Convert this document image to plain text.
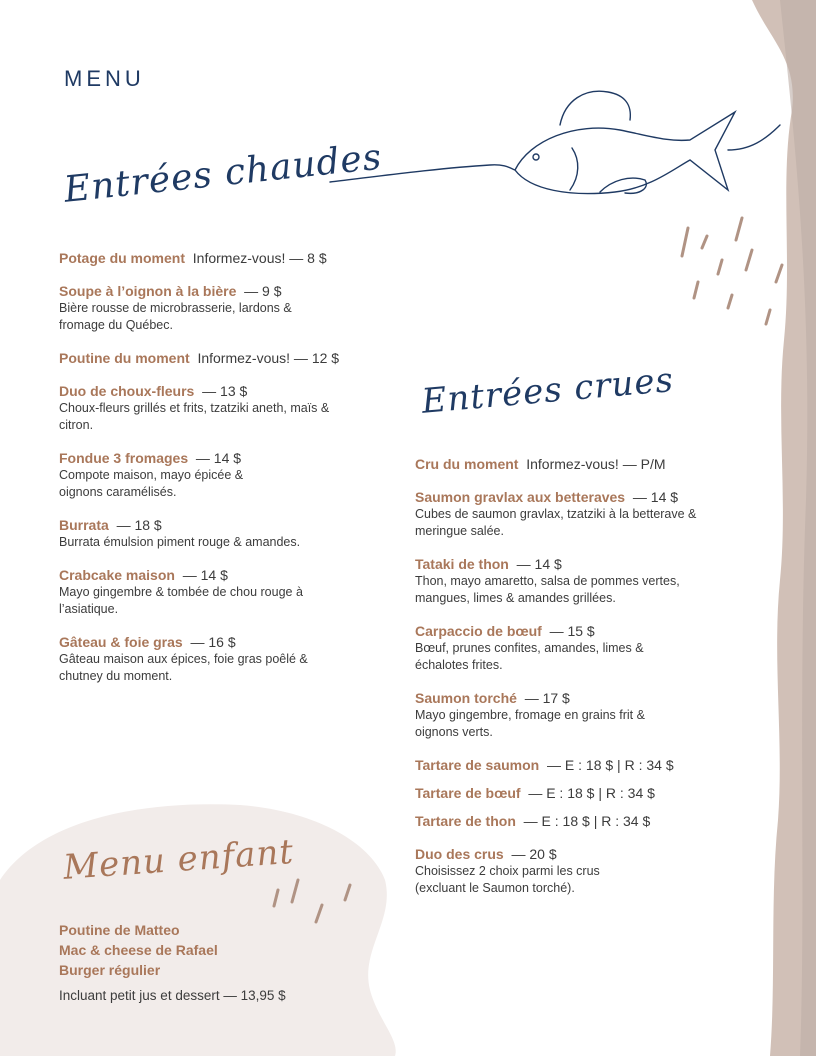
MENU
Entrées chaudes
Entrées crues
Menu enfant
Potage du moment Informez-vous! — 8 $
Soupe à l’oignon à la bière — 9 $
Bière rousse de microbrasserie, lardons & fromage du Québec.
Poutine du moment Informez-vous! — 12 $
Duo de choux-fleurs — 13 $
Choux-fleurs grillés et frits, tzatziki aneth, maïs & citron.
Fondue 3 fromages — 14 $
Compote maison, mayo épicée & oignons caramélisés.
Burrata — 18 $
Burrata émulsion piment rouge & amandes.
Crabcake maison — 14 $
Mayo gingembre & tombée de chou rouge à l’asiatique.
Gâteau & foie gras — 16 $
Gâteau maison aux épices, foie gras poêlé & chutney du moment.
Cru du moment Informez-vous! — P/M
Saumon gravlax aux betteraves — 14 $
Cubes de saumon gravlax, tzatziki à la betterave & meringue salée.
Tataki de thon — 14 $
Thon, mayo amaretto, salsa de pommes vertes, mangues, limes & amandes grillées.
Carpaccio de bœuf — 15 $
Bœuf, prunes confites, amandes, limes & échalotes frites.
Saumon torché — 17 $
Mayo gingembre, fromage en grains frit & oignons verts.
Tartare de saumon — E : 18 $ | R : 34 $
Tartare de bœuf — E : 18 $ | R : 34 $
Tartare de thon — E : 18 $ | R : 34 $
Duo des crus — 20 $
Choisissez 2 choix parmi les crus (excluant le Saumon torché).
Poutine de Matteo
Mac & cheese de Rafael
Burger régulier
Incluant petit jus et dessert — 13,95 $
